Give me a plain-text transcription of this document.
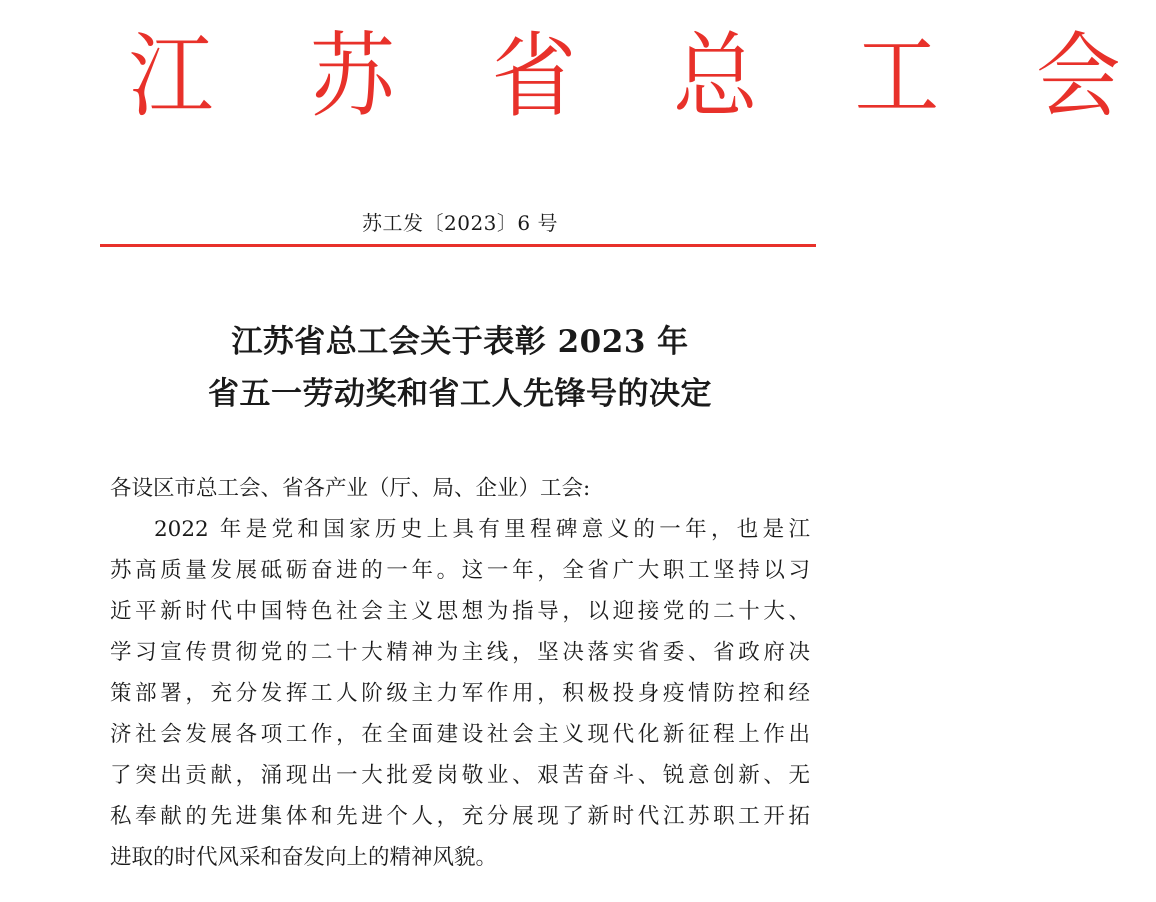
江 苏 省 总 工 会
苏工发〔2023〕6 号
江苏省总工会关于表彰 2023 年
省五一劳动奖和省工人先锋号的决定
各设区市总工会、省各产业（厅、局、企业）工会:
2022 年是党和国家历史上具有里程碑意义的一年，也是江
苏高质量发展砥砺奋进的一年。这一年，全省广大职工坚持以习
近平新时代中国特色社会主义思想为指导，以迎接党的二十大、
学习宣传贯彻党的二十大精神为主线，坚决落实省委、省政府决
策部署，充分发挥工人阶级主力军作用，积极投身疫情防控和经
济社会发展各项工作，在全面建设社会主义现代化新征程上作出
了突出贡献，涌现出一大批爱岗敬业、艰苦奋斗、锐意创新、无
私奉献的先进集体和先进个人，充分展现了新时代江苏职工开拓
进取的时代风采和奋发向上的精神风貌。
